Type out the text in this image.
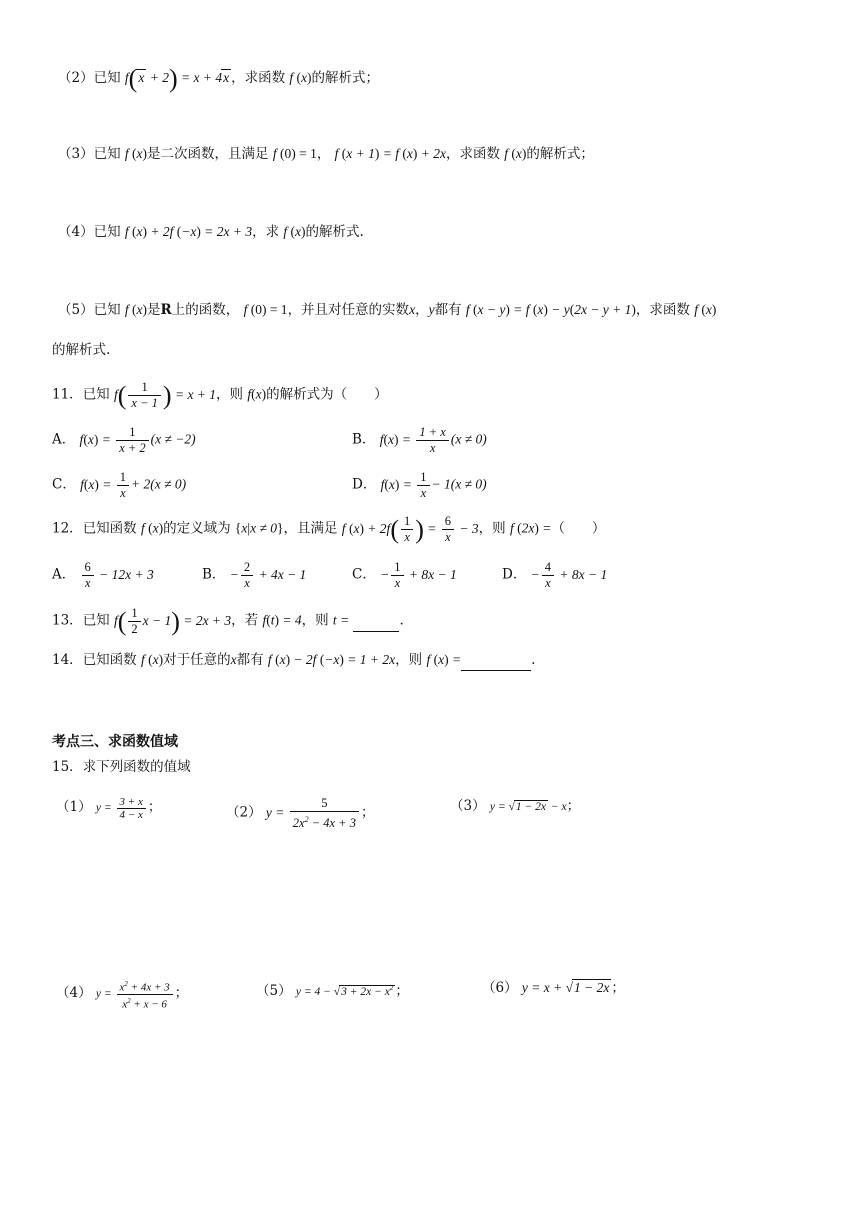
（2）已知 f(x + 2) = x + 4x ，求函数 f (x)的解析式；
（3）已知 f (x)是二次函数，且满足 f (0) = 1， f (x + 1) = f (x) + 2x，求函数 f (x)的解析式；
（4）已知 f (x) + 2f (−x) = 2x + 3，求 f (x)的解析式.
（5）已知 f (x)是R上的函数， f (0) = 1，并且对任意的实数x，y都有 f (x − y) = f (x) − y(2x − y + 1)，求函数 f (x)
的解析式.
11．已知 $f( \frac{1}{x - 1}$ ) = x + 1，则 f(x)的解析式为（　　）
A． $f(x) = \frac{1}{x + 2} (x \ne -2)$	B． $f(x) = \frac{1 + x}{x} (x \ne 0)$
C． $f(x) = \frac{1}{x} + 2(x \ne 0)$	D． $f(x) = \frac{1}{x} - 1(x \ne 0)$
12．已知函数 f (x)的定义域为 {x|x ≠ 0}，且满足 f $(x) + 2f( \frac{1}{x}$ ) = $\frac{6}{x} - 3$，则 f (2x) =（　　）
A． $\frac{6}{x} - 12x + 3$	B． − $\frac{2}{x} + 4x - 1$	C． − $\frac{1}{x} + 8x - 1$	D． − $\frac{4}{x} + 8x - 1$
13．已知 $f( \frac{1}{2}$ x − 1) = 2x + 3，若 f(t) = 4，则 t =	.
14．已知函数 f (x)对于任意的x都有 f (x) − 2f (−x) = 1 + 2x，则 f (x) =	.
考点三、求函数值域
15．求下列函数的值域
（1） $y = \frac{3 + x}{4 - x}$ ；	（2） $y = \frac{5}{2x^2 - 4x + 3}$ ；	（3） y = √1 − 2x − x；
（4） $y = \frac{x^2 + 4x + 3}{x^2 + x - 6}$ ；	（5） $y = 4 - √3 + 2x - x^2$ ；	（6） y = x + √1 − 2x ；
